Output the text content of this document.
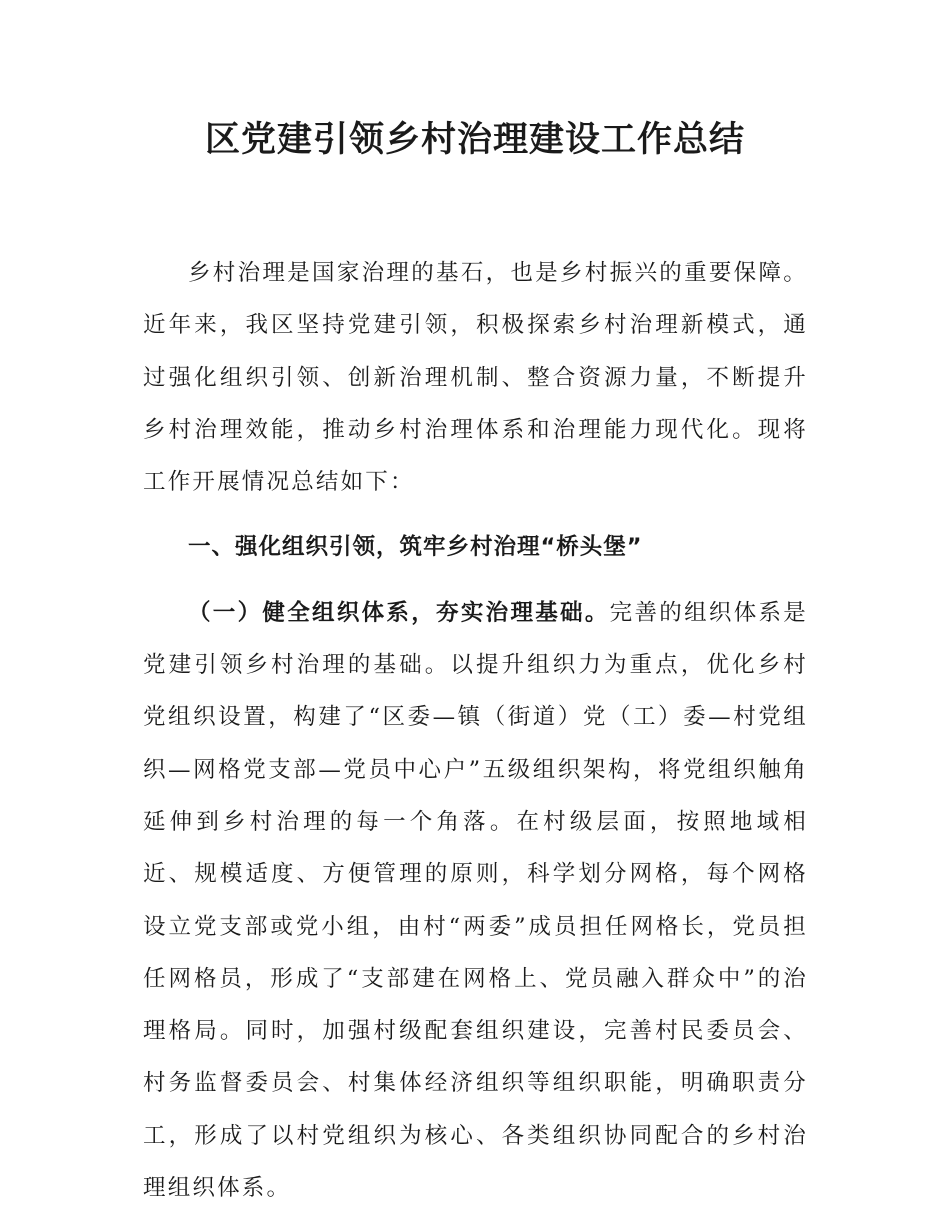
区党建引领乡村治理建设工作总结

乡村治理是国家治理的基石，也是乡村振兴的重要保障。近年来，我区坚持党建引领，积极探索乡村治理新模式，通过强化组织引领、创新治理机制、整合资源力量，不断提升乡村治理效能，推动乡村治理体系和治理能力现代化。现将工作开展情况总结如下：

一、强化组织引领，筑牢乡村治理“桥头堡”

（一）健全组织体系，夯实治理基础。完善的组织体系是党建引领乡村治理的基础。以提升组织力为重点，优化乡村党组织设置，构建了“区委—镇（街道）党（工）委—村党组织—网格党支部—党员中心户”五级组织架构，将党组织触角延伸到乡村治理的每一个角落。在村级层面，按照地域相近、规模适度、方便管理的原则，科学划分网格，每个网格设立党支部或党小组，由村“两委”成员担任网格长，党员担任网格员，形成了“支部建在网格上、党员融入群众中”的治理格局。同时，加强村级配套组织建设，完善村民委员会、村务监督委员会、村集体经济组织等组织职能，明确职责分工，形成了以村党组织为核心、各类组织协同配合的乡村治理组织体系。
